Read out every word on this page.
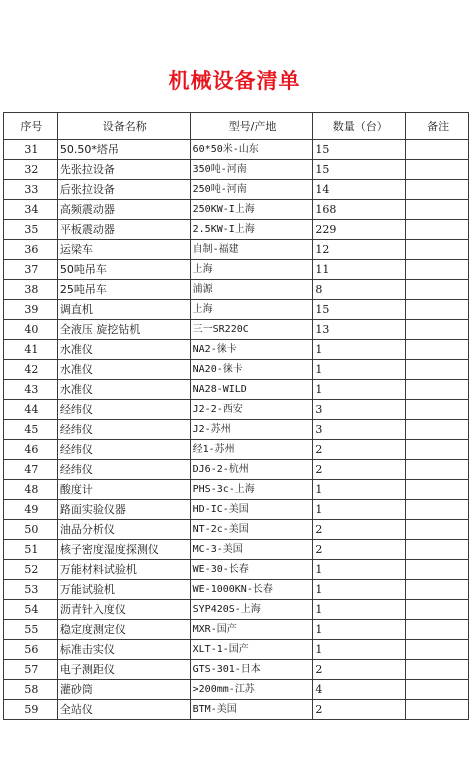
机械设备清单
序号	设备名称	型号/产地	数量（台）	备注
31	50.50*塔吊	60*50米-山东	15	
32	先张拉设备	350吨-河南	15	
33	后张拉设备	250吨-河南	14	
34	高频震动器	250KW-I上海	168	
35	平板震动器	2.5KW-I上海	229	
36	运梁车	自制-福建	12	
37	50吨吊车	上海	11	
38	25吨吊车	浦源	8	
39	调直机	上海	15	
40	全液压 旋挖钻机	三一SR220C	13	
41	水准仪	NA2-徕卡	1	
42	水准仪	NA20-徕卡	1	
43	水准仪	NA28-WILD	1	
44	经纬仪	J2-2-西安	3	
45	经纬仪	J2-苏州	3	
46	经纬仪	经1-苏州	2	
47	经纬仪	DJ6-2-杭州	2	
48	酸度计	PHS-3c-上海	1	
49	路面实验仪器	HD-IC-美国	1	
50	油品分析仪	NT-2c-美国	2	
51	核子密度湿度探测仪	MC-3-美国	2	
52	万能材料试验机	WE-30-长春	1	
53	万能试验机	WE-1000KN-长春	1	
54	沥青针入度仪	SYP420S-上海	1	
55	稳定度测定仪	MXR-国产	1	
56	标准击实仪	XLT-1-国产	1	
57	电子测距仪	GTS-301-日本	2	
58	灌砂筒	>200mm-江苏	4	
59	全站仪	BTM-美国	2	
